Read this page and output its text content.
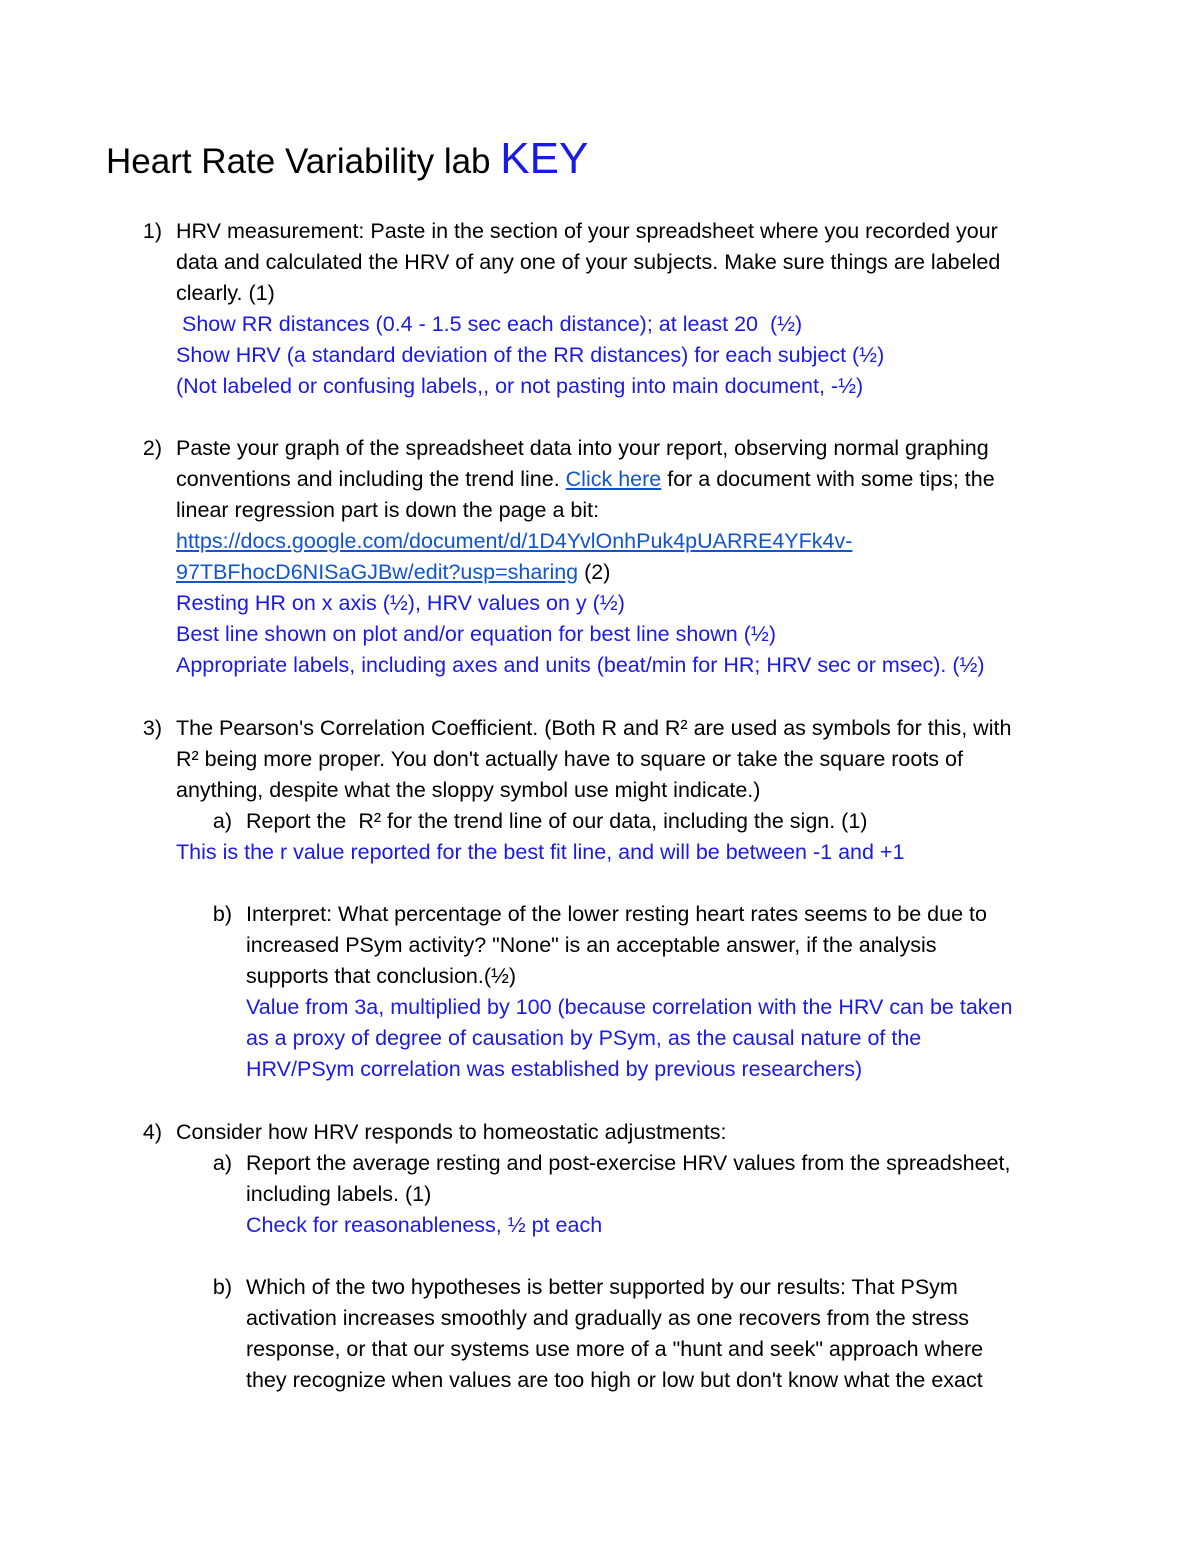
Heart Rate Variability lab KEY
1) HRV measurement: Paste in the section of your spreadsheet where you recorded your
data and calculated the HRV of any one of your subjects. Make sure things are labeled
clearly. (1)
Show RR distances (0.4 - 1.5 sec each distance); at least 20  (½)
Show HRV (a standard deviation of the RR distances) for each subject (½)
(Not labeled or confusing labels,, or not pasting into main document, -½)
2) Paste your graph of the spreadsheet data into your report, observing normal graphing
conventions and including the trend line. Click here for a document with some tips; the
linear regression part is down the page a bit:
https://docs.google.com/document/d/1D4YvlOnhPuk4pUARRE4YFk4v-
97TBFhocD6NISaGJBw/edit?usp=sharing (2)
Resting HR on x axis (½), HRV values on y (½)
Best line shown on plot and/or equation for best line shown (½)
Appropriate labels, including axes and units (beat/min for HR; HRV sec or msec). (½)
3) The Pearson's Correlation Coefficient. (Both R and R² are used as symbols for this, with
R² being more proper. You don't actually have to square or take the square roots of
anything, despite what the sloppy symbol use might indicate.)
a) Report the  R² for the trend line of our data, including the sign. (1)
This is the r value reported for the best fit line, and will be between -1 and +1
b) Interpret: What percentage of the lower resting heart rates seems to be due to
increased PSym activity? "None" is an acceptable answer, if the analysis
supports that conclusion.(½)
Value from 3a, multiplied by 100 (because correlation with the HRV can be taken
as a proxy of degree of causation by PSym, as the causal nature of the
HRV/PSym correlation was established by previous researchers)
4) Consider how HRV responds to homeostatic adjustments:
a) Report the average resting and post-exercise HRV values from the spreadsheet,
including labels. (1)
Check for reasonableness, ½ pt each
b) Which of the two hypotheses is better supported by our results: That PSym
activation increases smoothly and gradually as one recovers from the stress
response, or that our systems use more of a "hunt and seek" approach where
they recognize when values are too high or low but don't know what the exact
